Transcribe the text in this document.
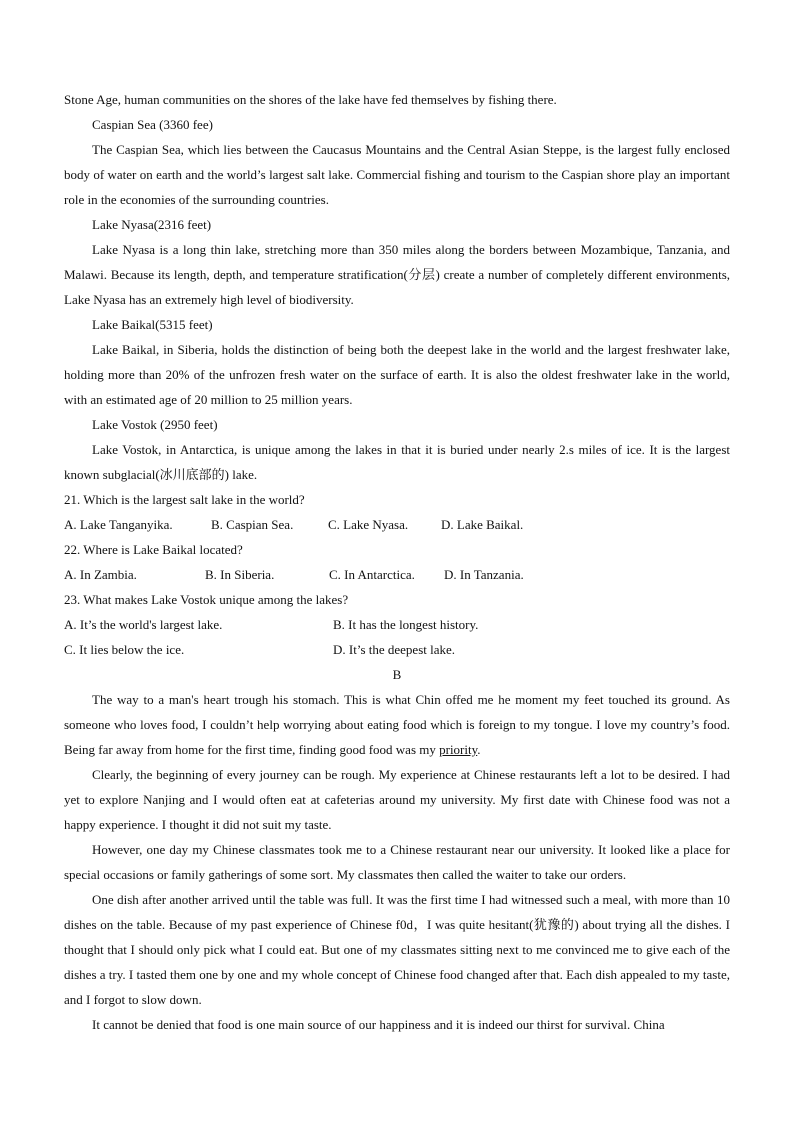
Stone Age, human communities on the shores of the lake have fed themselves by fishing there.

Caspian Sea (3360 fee)

The Caspian Sea, which lies between the Caucasus Mountains and the Central Asian Steppe, is the largest fully enclosed body of water on earth and the world’s largest salt lake. Commercial fishing and tourism to the Caspian shore play an important role in the economies of the surrounding countries.

Lake Nyasa(2316 feet)

Lake Nyasa is a long thin lake, stretching more than 350 miles along the borders between Mozambique, Tanzania, and Malawi. Because its length, depth, and temperature stratification(分层) create a number of completely different environments, Lake Nyasa has an extremely high level of biodiversity.

Lake Baikal(5315 feet)

Lake Baikal, in Siberia, holds the distinction of being both the deepest lake in the world and the largest freshwater lake, holding more than 20% of the unfrozen fresh water on the surface of earth. It is also the oldest freshwater lake in the world, with an estimated age of 20 million to 25 million years.

Lake Vostok (2950 feet)

Lake Vostok, in Antarctica, is unique among the lakes in that it is buried under nearly 2.s miles of ice. It is the largest known subglacial(冰川底部的) lake.

21. Which is the largest salt lake in the world?

A. Lake Tanganyika.	B. Caspian Sea.	C. Lake Nyasa.	D. Lake Baikal.

22. Where is Lake Baikal located?

A. In Zambia.	B. In Siberia.	C. In Antarctica.	D. In Tanzania.

23. What makes Lake Vostok unique among the lakes?

A. It’s the world's largest lake.	B. It has the longest history.
C. It lies below the ice.	D. It’s the deepest lake.
B

The way to a man's heart trough his stomach. This is what Chin offed me he moment my feet touched its ground. As someone who loves food, I couldn’t help worrying about eating food which is foreign to my tongue. I love my country’s food. Being far away from home for the first time, finding good food was my priority.

Clearly, the beginning of every journey can be rough. My experience at Chinese restaurants left a lot to be desired. I had yet to explore Nanjing and I would often eat at cafeterias around my university. My first date with Chinese food was not a happy experience. I thought it did not suit my taste.

However, one day my Chinese classmates took me to a Chinese restaurant near our university. It looked like a place for special occasions or family gatherings of some sort. My classmates then called the waiter to take our orders.

One dish after another arrived until the table was full. It was the first time I had witnessed such a meal, with more than 10 dishes on the table. Because of my past experience of Chinese f0d，I was quite hesitant(犹豫的) about trying all the dishes. I thought that I should only pick what I could eat. But one of my classmates sitting next to me convinced me to give each of the dishes a try. I tasted them one by one and my whole concept of Chinese food changed after that. Each dish appealed to my taste, and I forgot to slow down.

It cannot be denied that food is one main source of our happiness and it is indeed our thirst for survival. China
